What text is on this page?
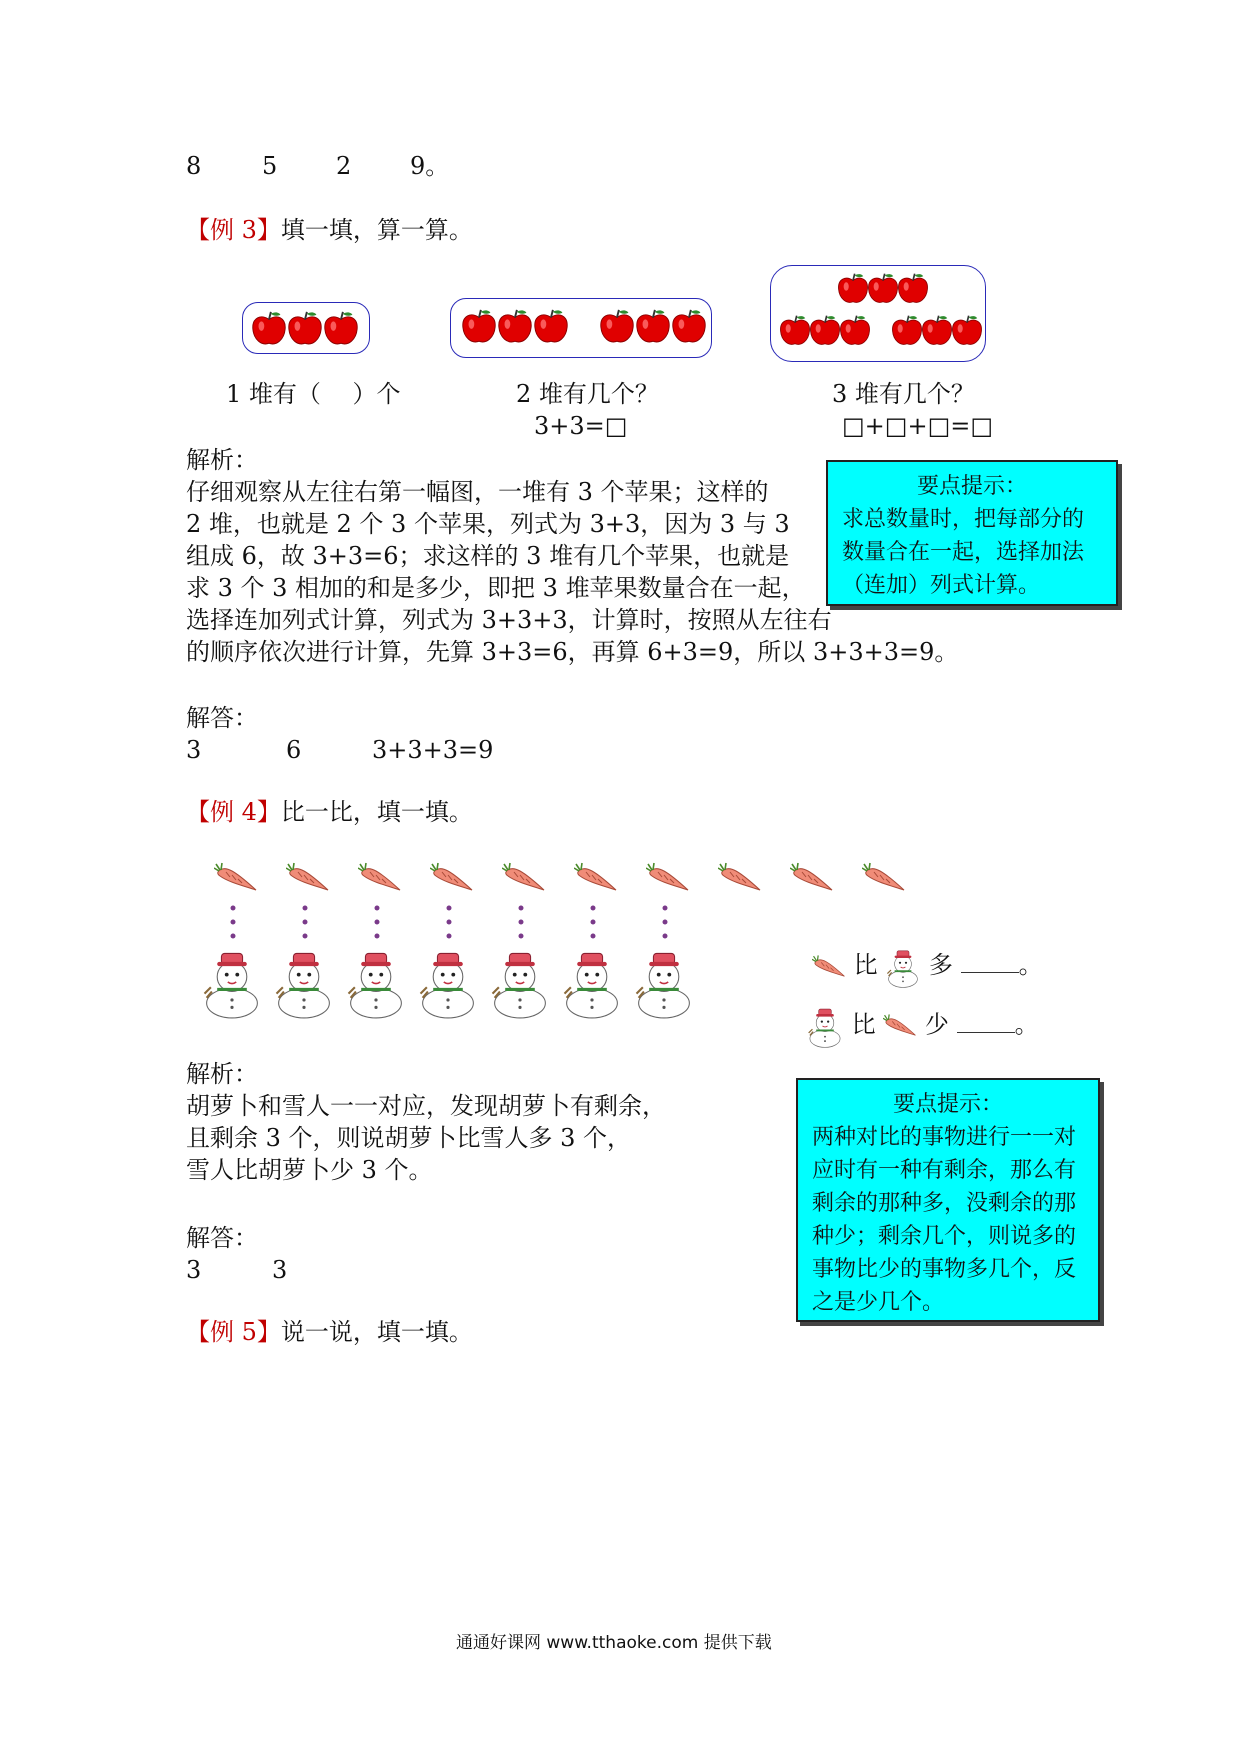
8	5 2 9。
【例 3】填一填，算一算。
1 堆有（　 ）个	2 堆有几个？	3 堆有几个？
3+3=□	□+□+□=□
解析：
仔细观察从左往右第一幅图，一堆有 3 个苹果；这样的
2 堆，也就是 2 个 3 个苹果，列式为 3+3，因为 3 与 3
组成 6，故 3+3=6；求这样的 3 堆有几个苹果，也就是
求 3 个 3 相加的和是多少，即把 3 堆苹果数量合在一起，
选择连加列式计算，列式为 3+3+3，计算时，按照从左往右
的顺序依次进行计算，先算 3+3=6，再算 6+3=9，所以 3+3+3=9。
要点提示：
求总数量时，把每部分的数量合在一起，选择加法（连加）列式计算。
解答：
3	6	3+3+3=9
【例 4】比一比，填一填。
比 多	。
比 少	。
解析：
胡萝卜和雪人一一对应，发现胡萝卜有剩余，
且剩余 3 个，则说胡萝卜比雪人多 3 个，
雪人比胡萝卜少 3 个。
要点提示：
两种对比的事物进行一一对应时有一种有剩余，那么有剩余的那种多，没剩余的那种少；剩余几个，则说多的事物比少的事物多几个，反之是少几个。
解答：
3	3
【例 5】说一说，填一填。
通通好课网 www.tthaoke.com 提供下载
